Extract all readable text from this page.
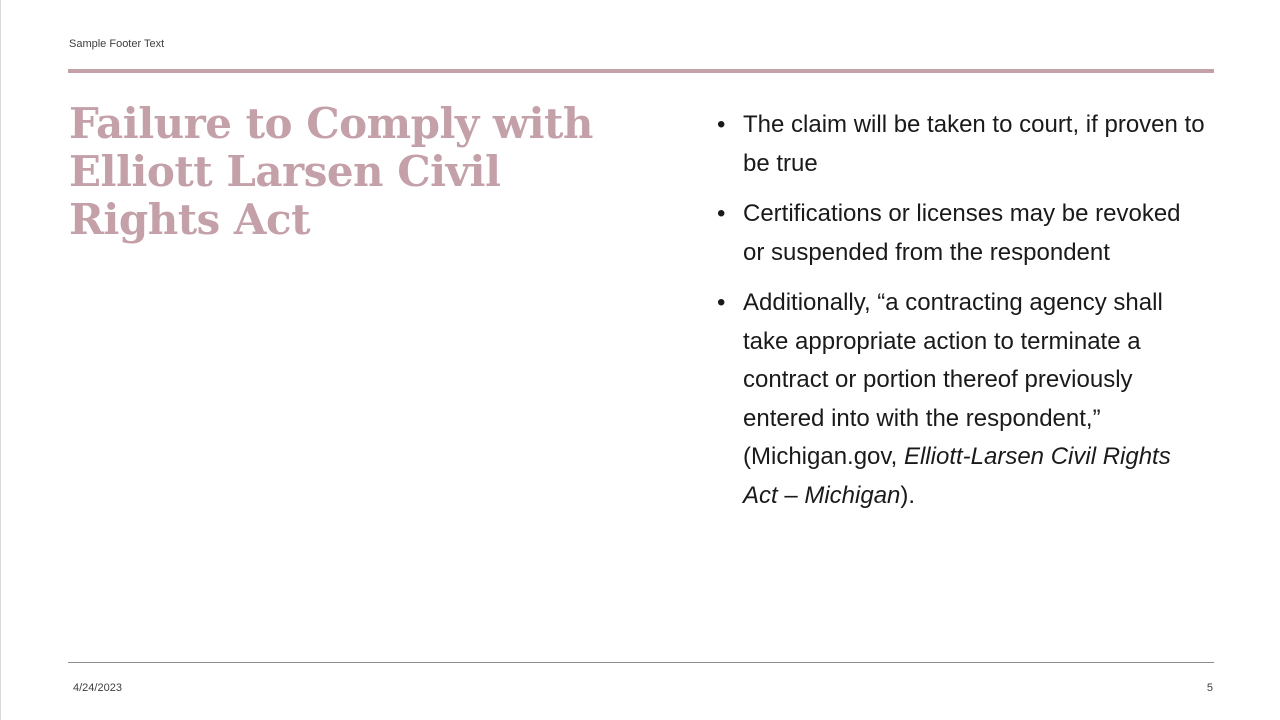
Sample Footer Text
Failure to Comply with Elliott Larsen Civil Rights Act
• The claim will be taken to court, if proven to be true
• Certifications or licenses may be revoked or suspended from the respondent
• Additionally, “a contracting agency shall take appropriate action to terminate a contract or portion thereof previously entered into with the respondent,” (Michigan.gov, Elliott-Larsen Civil Rights Act – Michigan).
4/24/2023	5
